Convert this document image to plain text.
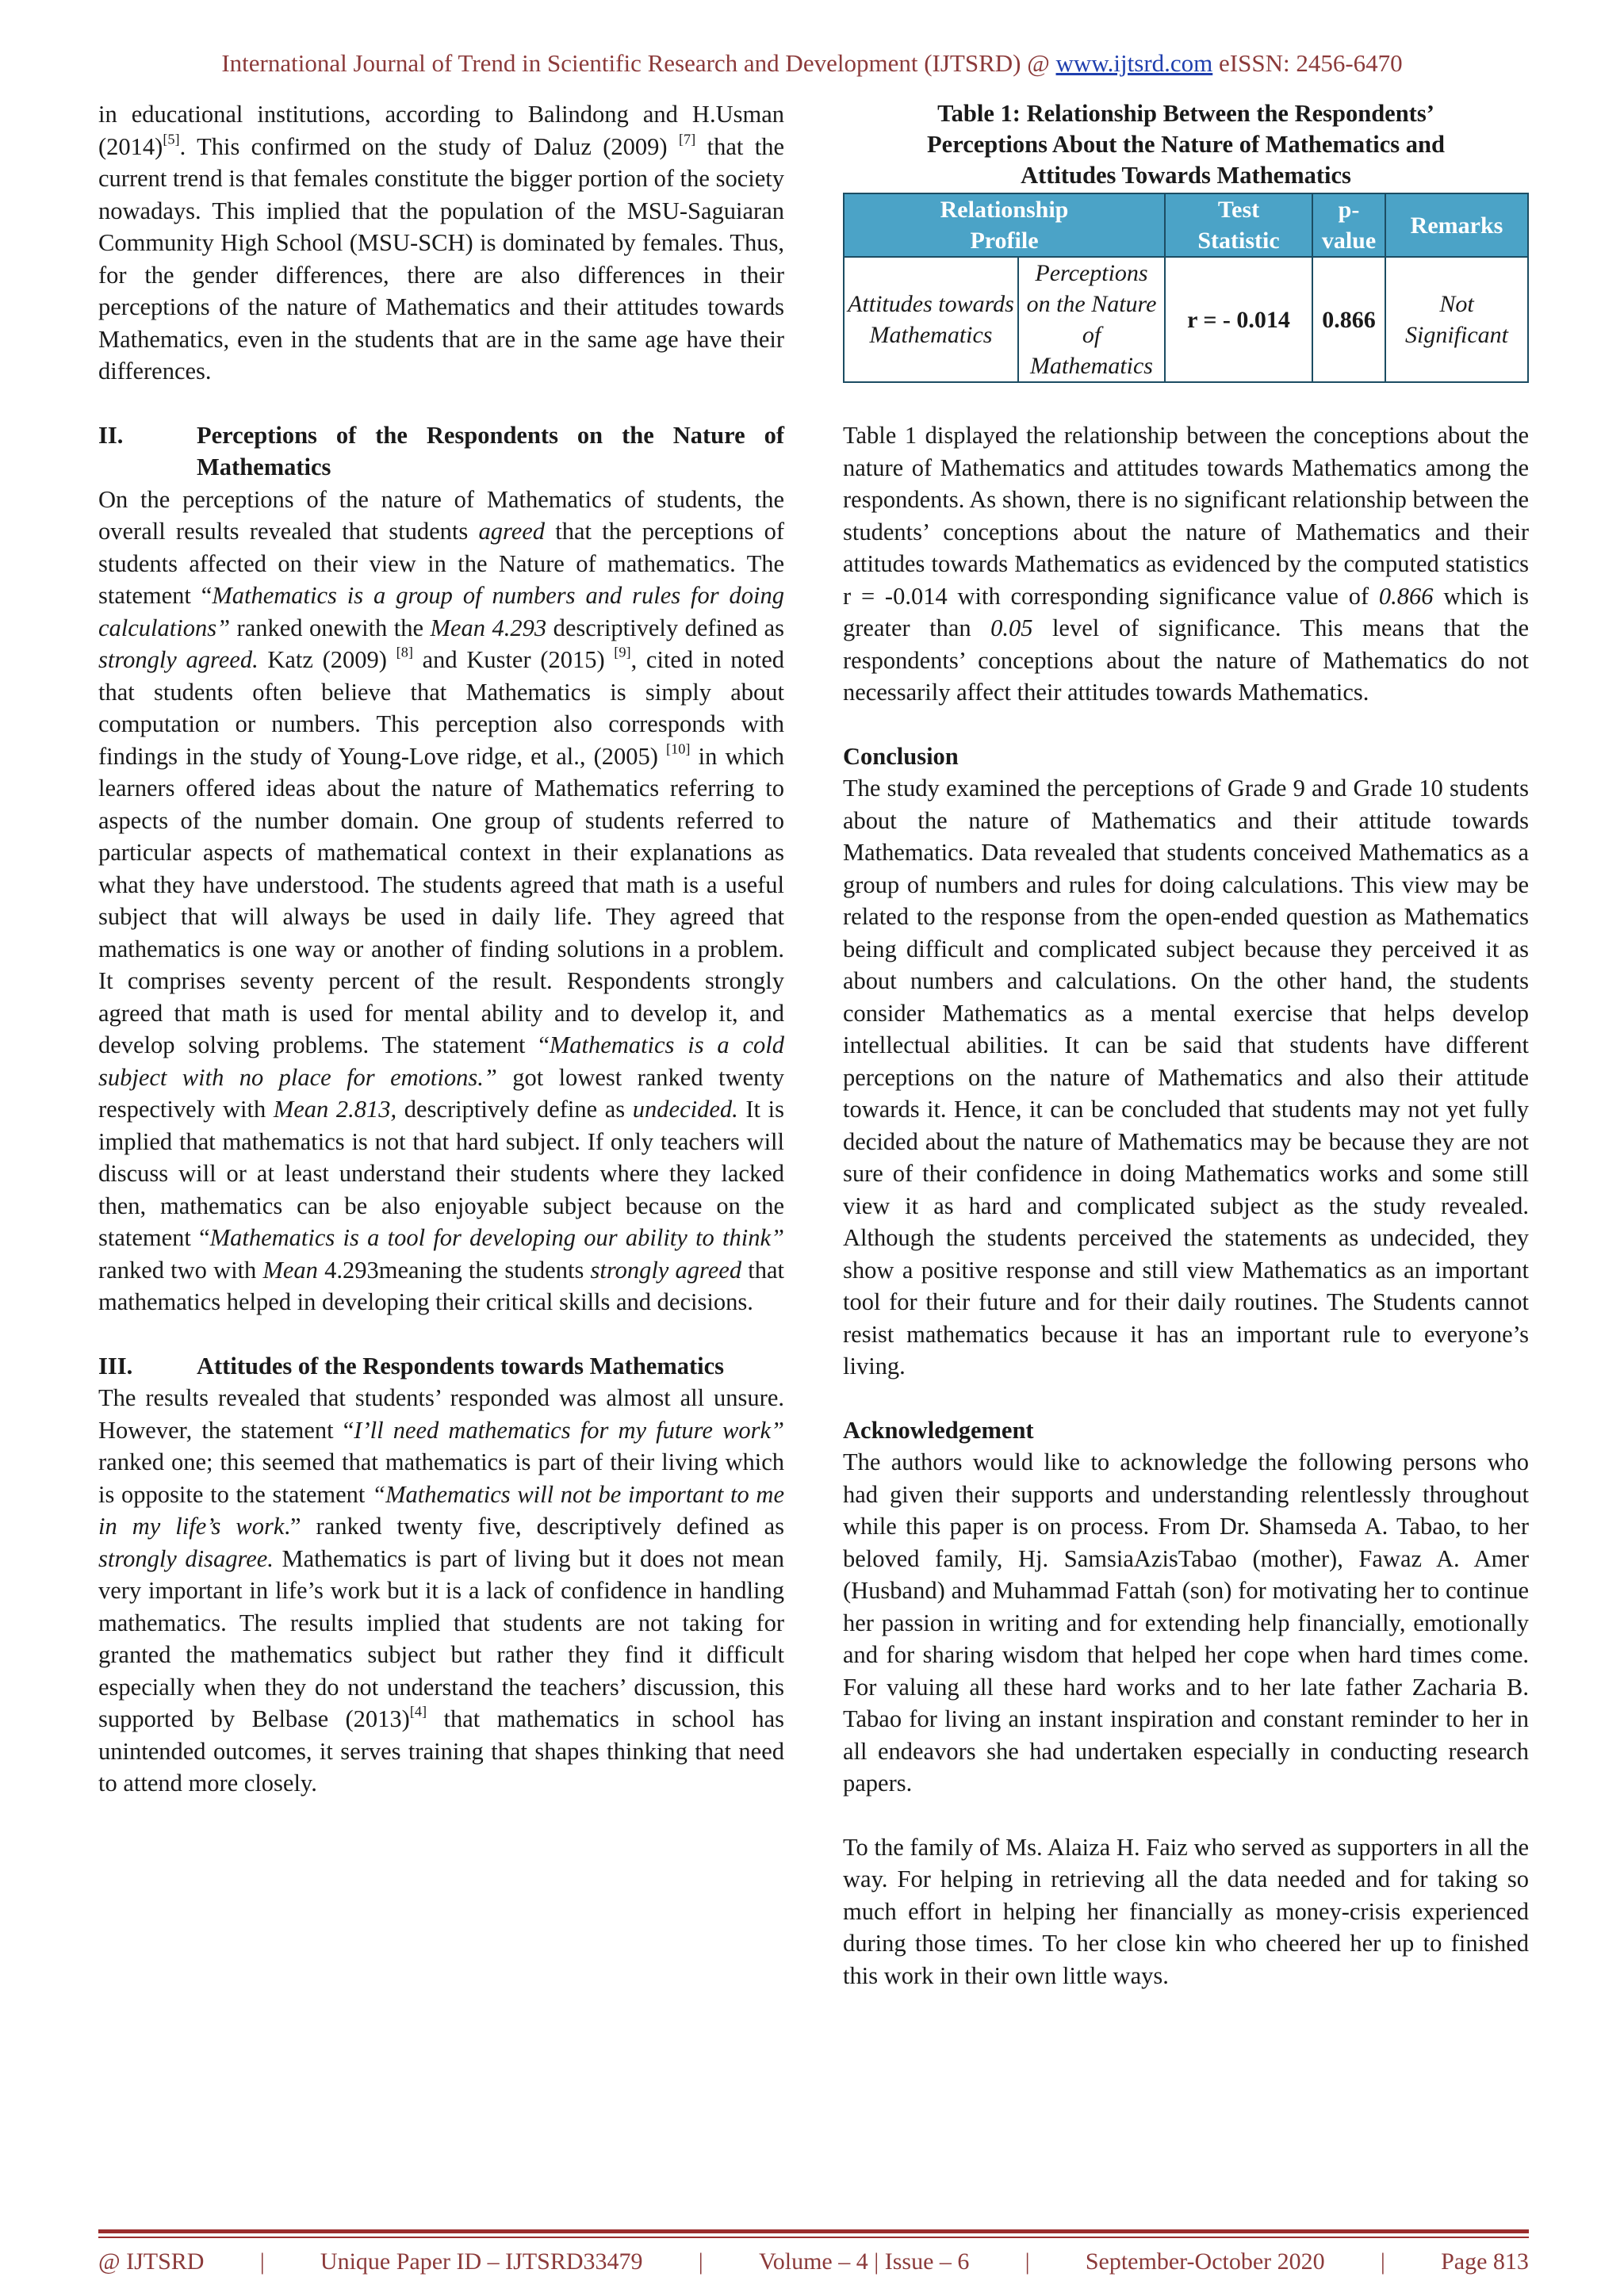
International Journal of Trend in Scientific Research and Development (IJTSRD) @ www.ijtsrd.com eISSN: 2456-6470

in educational institutions, according to Balindong and H.Usman (2014)[5]. This confirmed on the study of Daluz (2009) [7] that the current trend is that females constitute the bigger portion of the society nowadays. This implied that the population of the MSU-Saguiaran Community High School (MSU-SCH) is dominated by females. Thus, for the gender differences, there are also differences in their perceptions of the nature of Mathematics and their attitudes towards Mathematics, even in the students that are in the same age have their differences.

II.	Perceptions of the Respondents on the Nature of Mathematics

On the perceptions of the nature of Mathematics of students, the overall results revealed that students agreed that the perceptions of students affected on their view in the Nature of mathematics. The statement “Mathematics is a group of numbers and rules for doing calculations” ranked onewith the Mean 4.293 descriptively defined as strongly agreed. Katz (2009) [8] and Kuster (2015) [9], cited in noted that students often believe that Mathematics is simply about computation or numbers. This perception also corresponds with findings in the study of Young-Love ridge, et al., (2005) [10] in which learners offered ideas about the nature of Mathematics referring to aspects of the number domain. One group of students referred to particular aspects of mathematical context in their explanations as what they have understood. The students agreed that math is a useful subject that will always be used in daily life. They agreed that mathematics is one way or another of finding solutions in a problem. It comprises seventy percent of the result. Respondents strongly agreed that math is used for mental ability and to develop it, and develop solving problems. The statement “Mathematics is a cold subject with no place for emotions.” got lowest ranked twenty respectively with Mean 2.813, descriptively define as undecided. It is implied that mathematics is not that hard subject. If only teachers will discuss will or at least understand their students where they lacked then, mathematics can be also enjoyable subject because on the statement “Mathematics is a tool for developing our ability to think” ranked two with Mean 4.293meaning the students strongly agreed that mathematics helped in developing their critical skills and decisions.

III.	Attitudes of the Respondents towards Mathematics

The results revealed that students’ responded was almost all unsure. However, the statement “I’ll need mathematics for my future work” ranked one; this seemed that mathematics is part of their living which is opposite to the statement “Mathematics will not be important to me in my life’s work.” ranked twenty five, descriptively defined as strongly disagree. Mathematics is part of living but it does not mean very important in life’s work but it is a lack of confidence in handling mathematics. The results implied that students are not taking for granted the mathematics subject but rather they find it difficult especially when they do not understand the teachers’ discussion, this supported by Belbase (2013)[4] that mathematics in school has unintended outcomes, it serves training that shapes thinking that need to attend more closely.

Table 1: Relationship Between the Respondents’
Perceptions About the Nature of Mathematics and
Attitudes Towards Mathematics
Relationship		Test	p-	Remarks
Profile		Statistic	value	
Attitudes towards Mathematics	Perceptions on the Nature of Mathematics	r = - 0.014	0.866	Not Significant

Table 1 displayed the relationship between the conceptions about the nature of Mathematics and attitudes towards Mathematics among the respondents. As shown, there is no significant relationship between the students’ conceptions about the nature of Mathematics and their attitudes towards Mathematics as evidenced by the computed statistics r = -0.014 with corresponding significance value of 0.866 which is greater than 0.05 level of significance. This means that the respondents’ conceptions about the nature of Mathematics do not necessarily affect their attitudes towards Mathematics.

Conclusion

The study examined the perceptions of Grade 9 and Grade 10 students about the nature of Mathematics and their attitude towards Mathematics. Data revealed that students conceived Mathematics as a group of numbers and rules for doing calculations. This view may be related to the response from the open-ended question as Mathematics being difficult and complicated subject because they perceived it as about numbers and calculations. On the other hand, the students consider Mathematics as a mental exercise that helps develop intellectual abilities. It can be said that students have different perceptions on the nature of Mathematics and also their attitude towards it. Hence, it can be concluded that students may not yet fully decided about the nature of Mathematics may be because they are not sure of their confidence in doing Mathematics works and some still view it as hard and complicated subject as the study revealed. Although the students perceived the statements as undecided, they show a positive response and still view Mathematics as an important tool for their future and for their daily routines. The Students cannot resist mathematics because it has an important rule to everyone’s living.

Acknowledgement

The authors would like to acknowledge the following persons who had given their supports and understanding relentlessly throughout while this paper is on process. From Dr. Shamseda A. Tabao, to her beloved family, Hj. SamsiaAzisTabao (mother), Fawaz A. Amer (Husband) and Muhammad Fattah (son) for motivating her to continue her passion in writing and for extending help financially, emotionally and for sharing wisdom that helped her cope when hard times come. For valuing all these hard works and to her late father Zacharia B. Tabao for living an instant inspiration and constant reminder to her in all endeavors she had undertaken especially in conducting research papers.

To the family of Ms. Alaiza H. Faiz who served as supporters in all the way. For helping in retrieving all the data needed and for taking so much effort in helping her financially as money-crisis experienced during those times. To her close kin who cheered her up to finished this work in their own little ways.

@ IJTSRD | Unique Paper ID – IJTSRD33479 | Volume – 4 | Issue – 6 | September-October 2020 | Page 813
